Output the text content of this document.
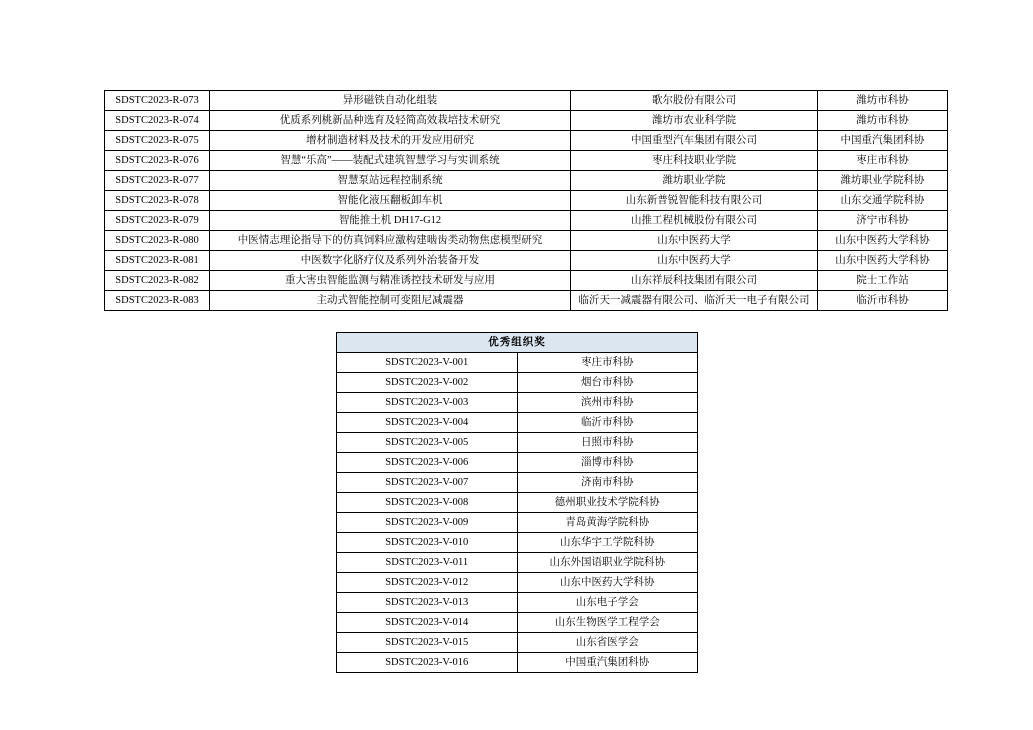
SDSTC2023-R-073	异形磁铁自动化组装	歌尔股份有限公司	潍坊市科协
SDSTC2023-R-074	优质系列桃新品种选育及轻简高效栽培技术研究	潍坊市农业科学院	潍坊市科协
SDSTC2023-R-075	增材制造材料及技术的开发应用研究	中国重型汽车集团有限公司	中国重汽集团科协
SDSTC2023-R-076	智慧“乐高”——装配式建筑智慧学习与实训系统	枣庄科技职业学院	枣庄市科协
SDSTC2023-R-077	智慧泵站远程控制系统	潍坊职业学院	潍坊职业学院科协
SDSTC2023-R-078	智能化液压翻板卸车机	山东新普锐智能科技有限公司	山东交通学院科协
SDSTC2023-R-079	智能推土机 DH17-G12	山推工程机械股份有限公司	济宁市科协
SDSTC2023-R-080	中医情志理论指导下的仿真饲料应激构建啮齿类动物焦虑模型研究	山东中医药大学	山东中医药大学科协
SDSTC2023-R-081	中医数字化脐疗仪及系列外治装备开发	山东中医药大学	山东中医药大学科协
SDSTC2023-R-082	重大害虫智能监测与精准诱控技术研发与应用	山东祥辰科技集团有限公司	院士工作站
SDSTC2023-R-083	主动式智能控制可变阻尼减震器	临沂天一减震器有限公司、临沂天一电子有限公司	临沂市科协
优秀组织奖	
SDSTC2023-V-001	枣庄市科协
SDSTC2023-V-002	烟台市科协
SDSTC2023-V-003	滨州市科协
SDSTC2023-V-004	临沂市科协
SDSTC2023-V-005	日照市科协
SDSTC2023-V-006	淄博市科协
SDSTC2023-V-007	济南市科协
SDSTC2023-V-008	德州职业技术学院科协
SDSTC2023-V-009	青岛黄海学院科协
SDSTC2023-V-010	山东华宇工学院科协
SDSTC2023-V-011	山东外国语职业学院科协
SDSTC2023-V-012	山东中医药大学科协
SDSTC2023-V-013	山东电子学会
SDSTC2023-V-014	山东生物医学工程学会
SDSTC2023-V-015	山东省医学会
SDSTC2023-V-016	中国重汽集团科协
